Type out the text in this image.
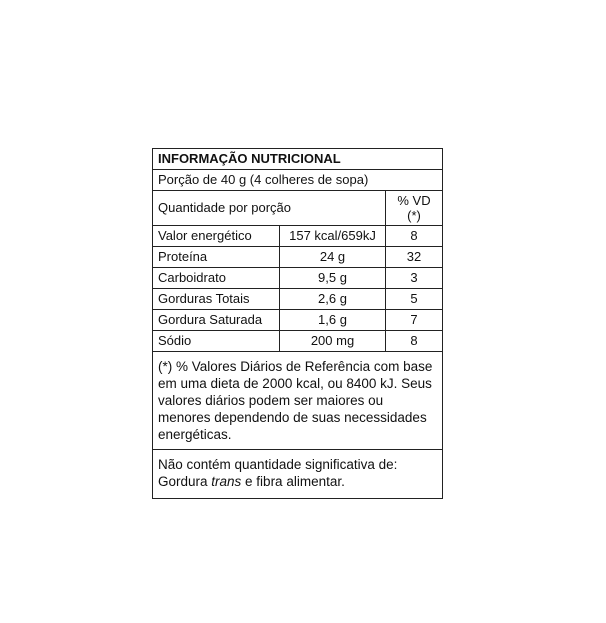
INFORMAÇÃO NUTRICIONAL
Porção de 40 g (4 colheres de sopa)
Quantidade por porção	% VD
(*)
Valor energético	157 kcal/659kJ	8
Proteína	24 g	32
Carboidrato	9,5 g	3
Gorduras Totais	2,6 g	5
Gordura Saturada	1,6 g	7
Sódio	200 mg	8
(*) % Valores Diários de Referência com base em uma dieta de 2000 kcal, ou 8400 kJ. Seus valores diários podem ser maiores ou menores dependendo de suas necessidades energéticas.
Não contém quantidade significativa de:
Gordura trans e fibra alimentar.
